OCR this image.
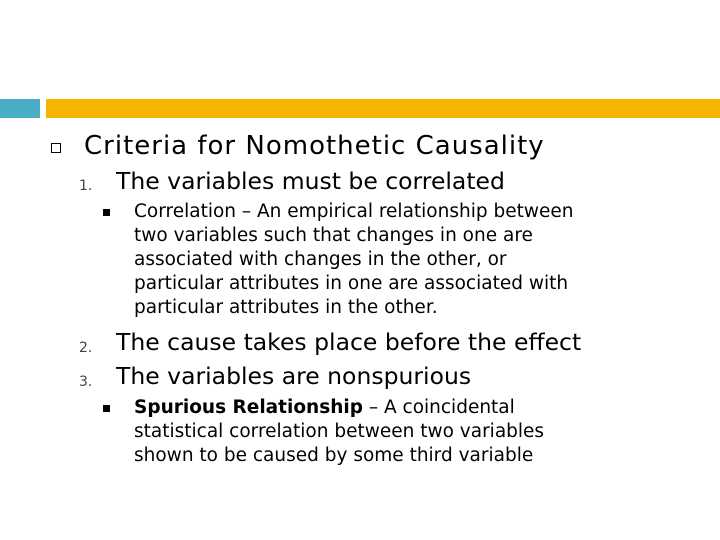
Criteria for Nomothetic Causality
1. The variables must be correlated
Correlation – An empirical relationship between
two variables such that changes in one are
associated with changes in the other, or
particular attributes in one are associated with
particular attributes in the other.
2. The cause takes place before the effect
3. The variables are nonspurious
Spurious Relationship – A coincidental
statistical correlation between two variables
shown to be caused by some third variable
